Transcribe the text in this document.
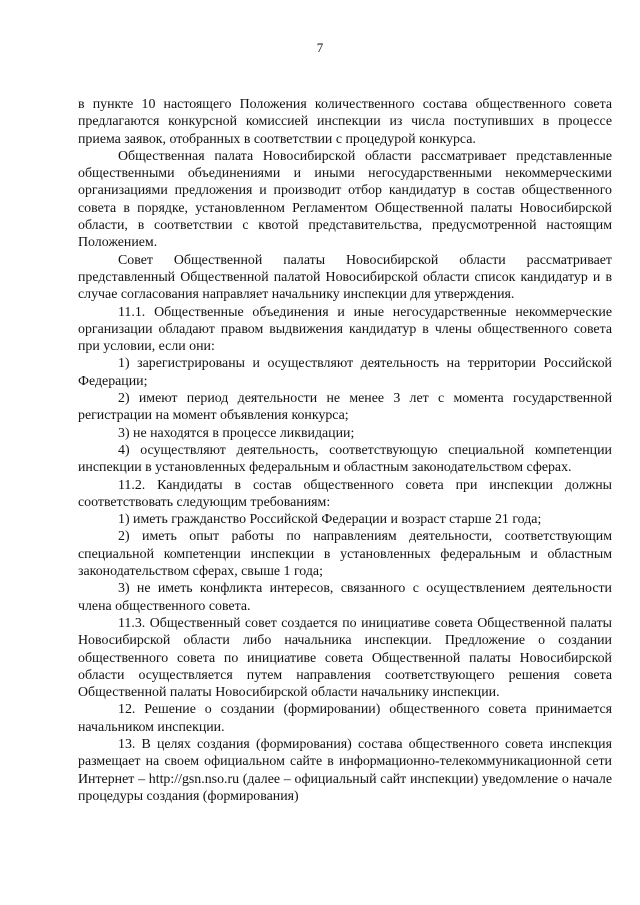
7

в пункте 10 настоящего Положения количественного состава общественного совета предлагаются конкурсной комиссией инспекции из числа поступивших в процессе приема заявок, отобранных в соответствии с процедурой конкурса.

Общественная палата Новосибирской области рассматривает представленные общественными объединениями и иными негосударственными некоммерческими организациями предложения и производит отбор кандидатур в состав общественного совета в порядке, установленном Регламентом Общественной палаты Новосибирской области, в соответствии с квотой представительства, предусмотренной настоящим Положением.

Совет Общественной палаты Новосибирской области рассматривает представленный Общественной палатой Новосибирской области список кандидатур и в случае согласования направляет начальнику инспекции для утверждения.

11.1. Общественные объединения и иные негосударственные некоммерческие организации обладают правом выдвижения кандидатур в члены общественного совета при условии, если они:

1) зарегистрированы и осуществляют деятельность на территории Российской Федерации;

2) имеют период деятельности не менее 3 лет с момента государственной регистрации на момент объявления конкурса;

3) не находятся в процессе ликвидации;

4) осуществляют деятельность, соответствующую специальной компетенции инспекции в установленных федеральным и областным законодательством сферах.

11.2. Кандидаты в состав общественного совета при инспекции должны соответствовать следующим требованиям:

1) иметь гражданство Российской Федерации и возраст старше 21 года;

2) иметь опыт работы по направлениям деятельности, соответствующим специальной компетенции инспекции в установленных федеральным и областным законодательством сферах, свыше 1 года;

3) не иметь конфликта интересов, связанного с осуществлением деятельности члена общественного совета.

11.3. Общественный совет создается по инициативе совета Общественной палаты Новосибирской области либо начальника инспекции. Предложение о создании общественного совета по инициативе совета Общественной палаты Новосибирской области осуществляется путем направления соответствующего решения совета Общественной палаты Новосибирской области начальнику инспекции.

12. Решение о создании (формировании) общественного совета принимается начальником инспекции.

13. В целях создания (формирования) состава общественного совета инспекция размещает на своем официальном сайте в информационно-телекоммуникационной сети Интернет – http://gsn.nso.ru (далее – официальный сайт инспекции) уведомление о начале процедуры создания (формирования)
